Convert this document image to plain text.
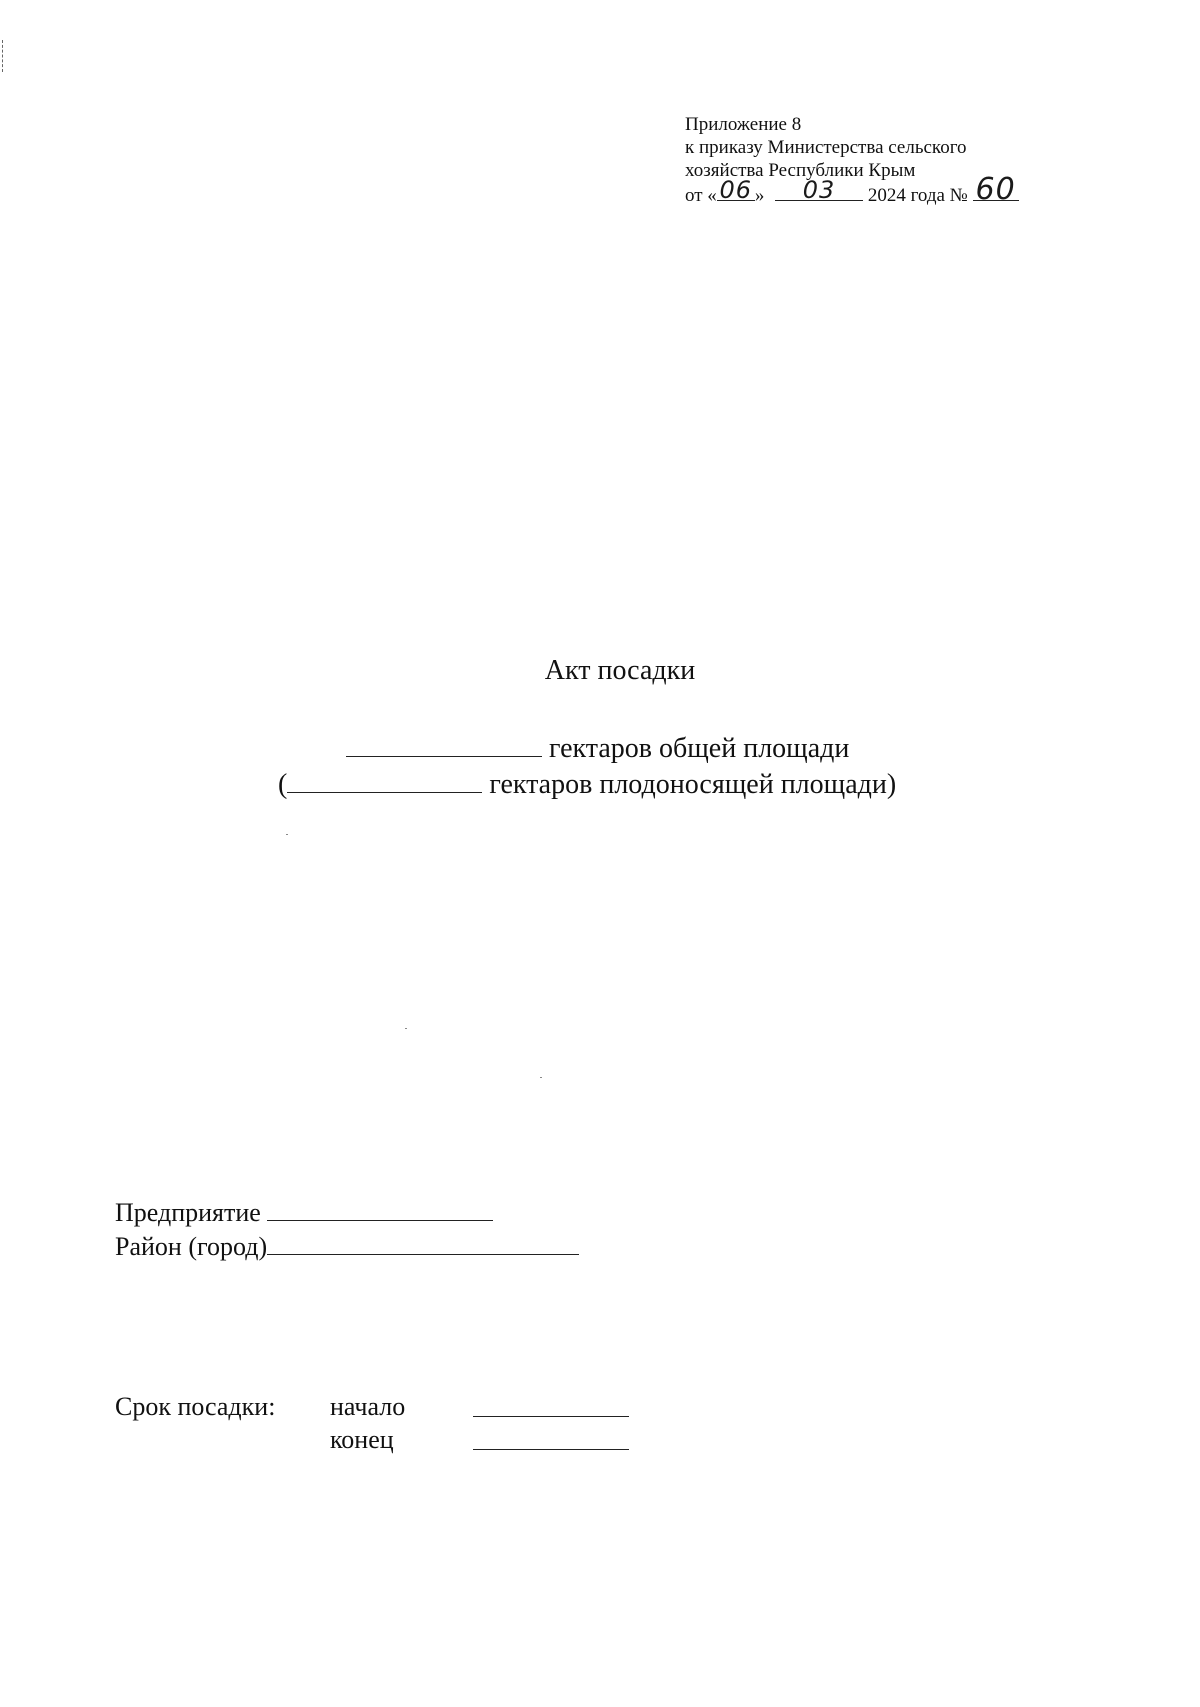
Приложение 8
к приказу Министерства сельского
хозяйства Республики Крым
от « 06 »	03	2024 года № 60
Акт посадки
гектаров общей площади
(	гектаров плодоносящей площади)
Предприятие
Район (город)
Срок посадки: начало
конец
